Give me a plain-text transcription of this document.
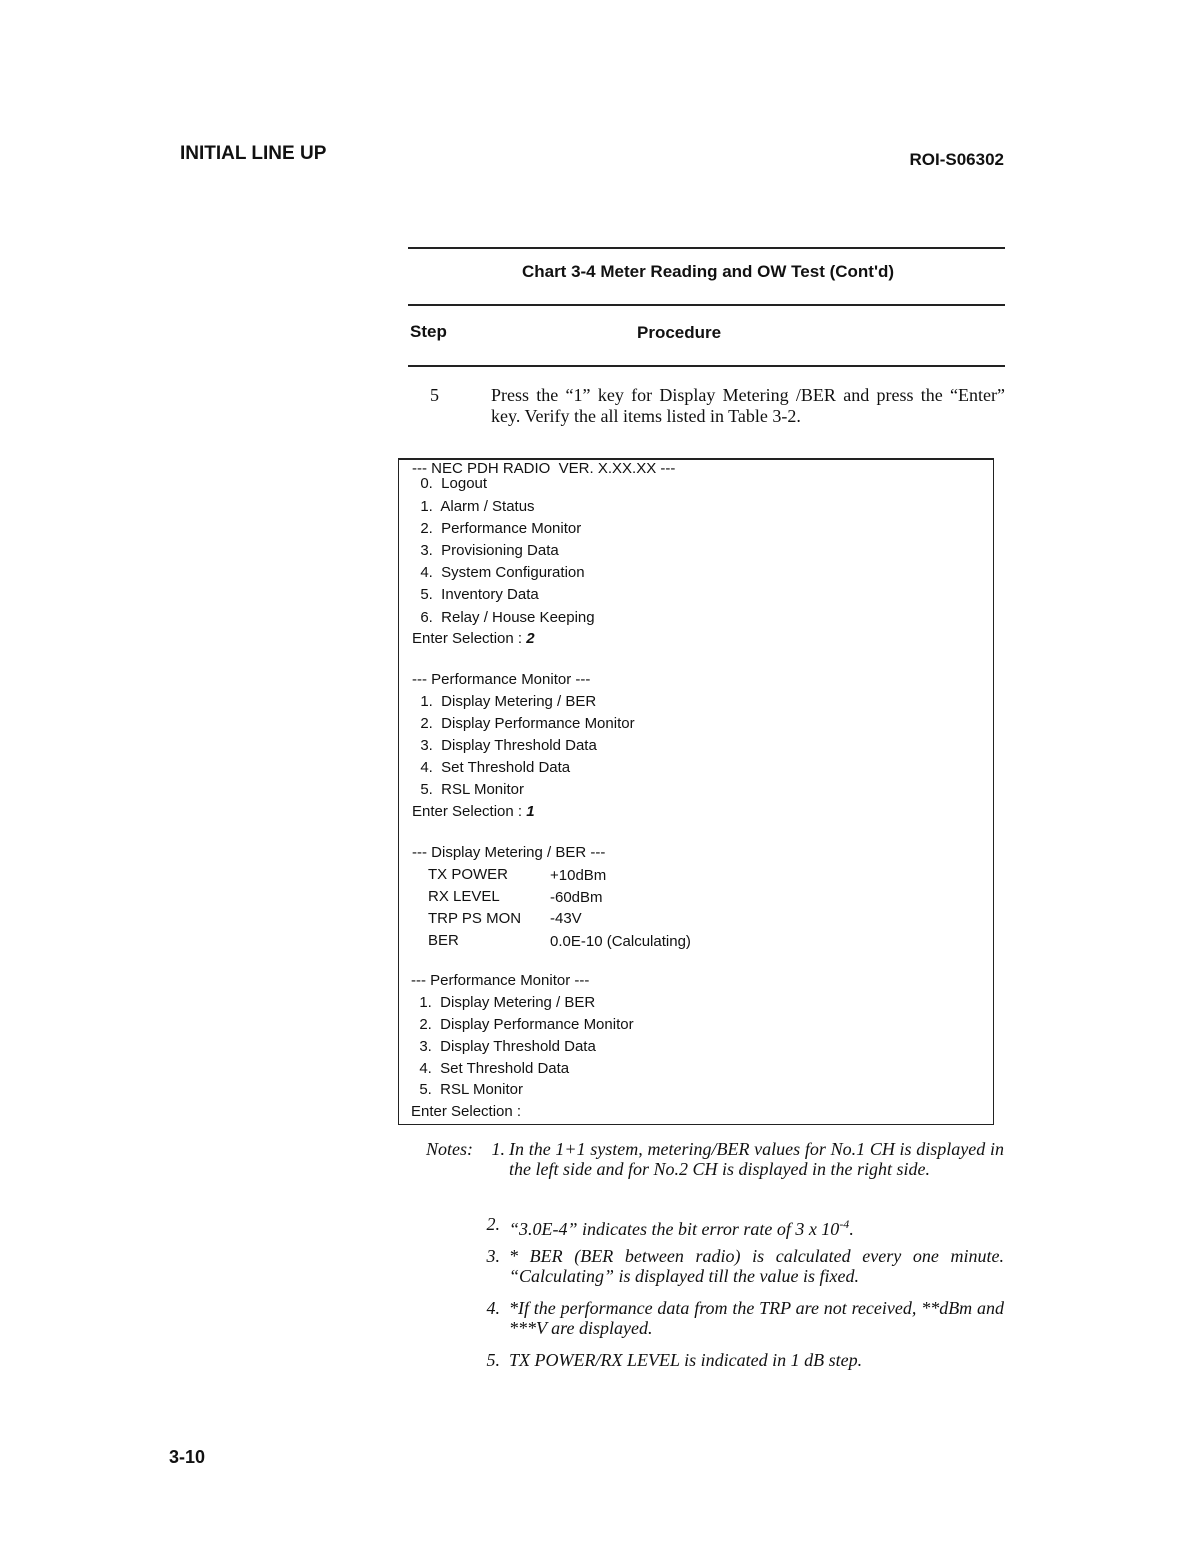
INITIAL LINE UP	ROI-S06302
Chart 3-4 Meter Reading and OW Test (Cont'd)
Step	Procedure
5	Press the “1” key for Display Metering /BER and press the “Enter” key. Verify the all items listed in Table 3-2.
--- NEC PDH RADIO  VER. X.XX.XX ---
0.  Logout
1.  Alarm / Status
2.  Performance Monitor
3.  Provisioning Data
4.  System Configuration
5.  Inventory Data
6.  Relay / House Keeping
Enter Selection : 2
--- Performance Monitor ---
1.  Display Metering / BER
2.  Display Performance Monitor
3.  Display Threshold Data
4.  Set Threshold Data
5.  RSL Monitor
Enter Selection : 1
--- Display Metering / BER ---
TX POWER	+10dBm
RX LEVEL	-60dBm
TRP PS MON -43V
BER	0.0E-10 (Calculating)
--- Performance Monitor ---
1.  Display Metering / BER
2.  Display Performance Monitor
3.  Display Threshold Data
4.  Set Threshold Data
5.  RSL Monitor
Enter Selection :
Notes:	1. In the 1+1 system, metering/BER values for No.1 CH is displayed in the left side and for No.2 CH is displayed in the right side.
2. “3.0E-4” indicates the bit error rate of 3 x $10^{-4}$.
3. * BER (BER between radio) is calculated every one minute. “Calculating” is displayed till the value is fixed.
4. *If the performance data from the TRP are not received, **dBm and ***V are displayed.
5. TX POWER/RX LEVEL is indicated in 1 dB step.
3-10
